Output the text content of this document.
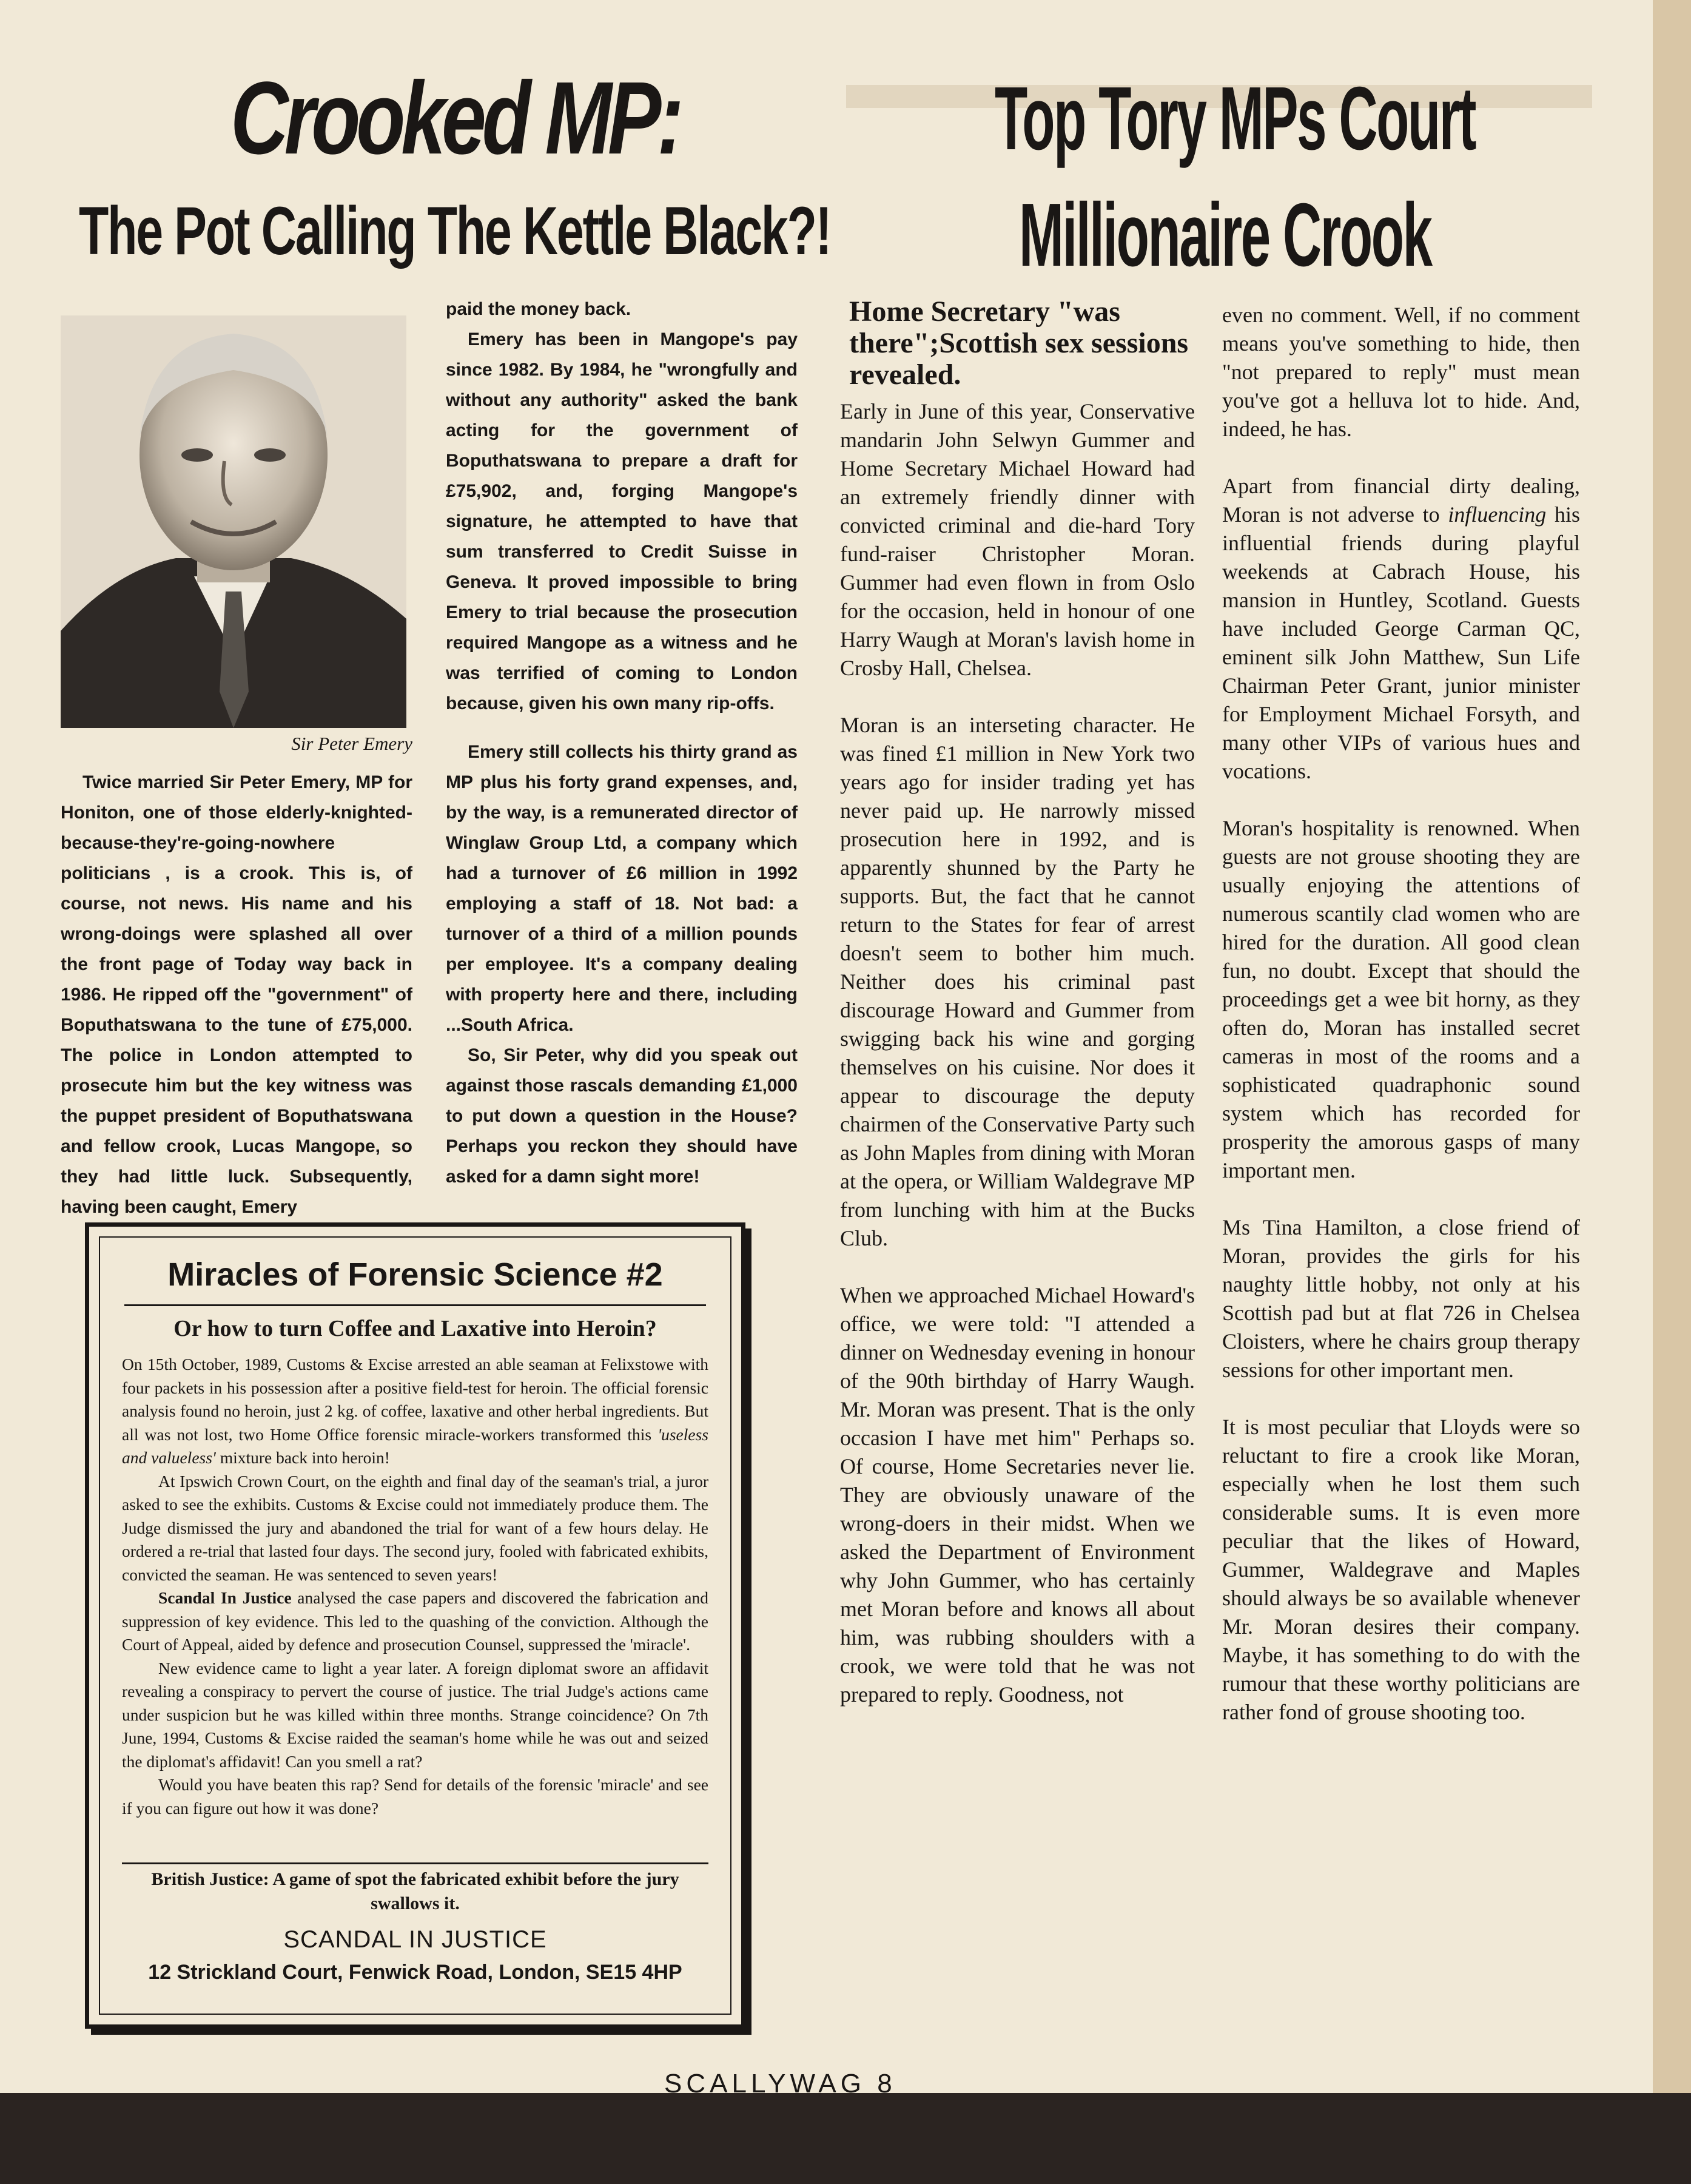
Crooked MP:
The Pot Calling The Kettle Black?!
Sir Peter Emery

Twice married Sir Peter Emery, MP for Honiton, one of those elderly-knighted-because-they're-going-nowhere politicians , is a crook. This is, of course, not news. His name and his wrong-doings were splashed all over the front page of Today way back in 1986. He ripped off the "government" of Boputhatswana to the tune of £75,000. The police in London attempted to prosecute him but the key witness was the puppet president of Boputhatswana and fellow crook, Lucas Mangope, so they had little luck. Subsequently, having been caught, Emery

paid the money back.

Emery has been in Mangope's pay since 1982. By 1984, he "wrongfully and without any authority" asked the bank acting for the government of Boputhatswana to prepare a draft for £75,902, and, forging Mangope's signature, he attempted to have that sum transferred to Credit Suisse in Geneva. It proved impossible to bring Emery to trial because the prosecution required Mangope as a witness and he was terrified of coming to London because, given his own many rip-offs.

Emery still collects his thirty grand as MP plus his forty grand expenses, and, by the way, is a remunerated director of Winglaw Group Ltd, a company which had a turnover of £6 million in 1992 employing a staff of 18. Not bad: a turnover of a third of a million pounds per employee. It's a company dealing with property here and there, including ...South Africa.

So, Sir Peter, why did you speak out against those rascals demanding £1,000 to put down a question in the House? Perhaps you reckon they should have asked for a damn sight more!

Miracles of Forensic Science #2
Or how to turn Coffee and Laxative into Heroin?

On 15th October, 1989, Customs & Excise arrested an able seaman at Felixstowe with four packets in his possession after a positive field-test for heroin. The official forensic analysis found no heroin, just 2 kg. of coffee, laxative and other herbal ingredients. But all was not lost, two Home Office forensic miracle-workers transformed this 'useless and valueless' mixture back into heroin!

At Ipswich Crown Court, on the eighth and final day of the seaman's trial, a juror asked to see the exhibits. Customs & Excise could not immediately produce them. The Judge dismissed the jury and abandoned the trial for want of a few hours delay. He ordered a re-trial that lasted four days. The second jury, fooled with fabricated exhibits, convicted the seaman. He was sentenced to seven years!

Scandal In Justice analysed the case papers and discovered the fabrication and suppression of key evidence. This led to the quashing of the conviction. Although the Court of Appeal, aided by defence and prosecution Counsel, suppressed the 'miracle'.

New evidence came to light a year later. A foreign diplomat swore an affidavit revealing a conspiracy to pervert the course of justice. The trial Judge's actions came under suspicion but he was killed within three months. Strange coincidence? On 7th June, 1994, Customs & Excise raided the seaman's home while he was out and seized the diplomat's affidavit! Can you smell a rat?

Would you have beaten this rap? Send for details of the forensic 'miracle' and see if you can figure out how it was done?

British Justice: A game of spot the fabricated exhibit before the jury swallows it.
SCANDAL IN JUSTICE
12 Strickland Court, Fenwick Road, London, SE15 4HP
Top Tory MPs Court
Millionaire Crook
Home Secretary "was there";Scottish sex sessions revealed.

Early in June of this year, Conservative mandarin John Selwyn Gummer and Home Secretary Michael Howard had an extremely friendly dinner with convicted criminal and die-hard Tory fund-raiser Christopher Moran. Gummer had even flown in from Oslo for the occasion, held in honour of one Harry Waugh at Moran's lavish home in Crosby Hall, Chelsea.

Moran is an interseting character. He was fined £1 million in New York two years ago for insider trading yet has never paid up. He narrowly missed prosecution here in 1992, and is apparently shunned by the Party he supports. But, the fact that he cannot return to the States for fear of arrest doesn't seem to bother him much. Neither does his criminal past discourage Howard and Gummer from swigging back his wine and gorging themselves on his cuisine. Nor does it appear to discourage the deputy chairmen of the Conservative Party such as John Maples from dining with Moran at the opera, or William Waldegrave MP from lunching with him at the Bucks Club.

When we approached Michael Howard's office, we were told: "I attended a dinner on Wednesday evening in honour of the 90th birthday of Harry Waugh. Mr. Moran was present. That is the only occasion I have met him" Perhaps so. Of course, Home Secretaries never lie. They are obviously unaware of the wrong-doers in their midst. When we asked the Department of Environment why John Gummer, who has certainly met Moran before and knows all about him, was rubbing shoulders with a crook, we were told that he was not prepared to reply. Goodness, not

even no comment. Well, if no comment means you've something to hide, then "not prepared to reply" must mean you've got a helluva lot to hide. And, indeed, he has.

Apart from financial dirty dealing, Moran is not adverse to influencing his influential friends during playful weekends at Cabrach House, his mansion in Huntley, Scotland. Guests have included George Carman QC, eminent silk John Matthew, Sun Life Chairman Peter Grant, junior minister for Employment Michael Forsyth, and many other VIPs of various hues and vocations.

Moran's hospitality is renowned. When guests are not grouse shooting they are usually enjoying the attentions of numerous scantily clad women who are hired for the duration. All good clean fun, no doubt. Except that should the proceedings get a wee bit horny, as they often do, Moran has installed secret cameras in most of the rooms and a sophisticated quadraphonic sound system which has recorded for prosperity the amorous gasps of many important men.

Ms Tina Hamilton, a close friend of Moran, provides the girls for his naughty little hobby, not only at his Scottish pad but at flat 726 in Chelsea Cloisters, where he chairs group therapy sessions for other important men.

It is most peculiar that Lloyds were so reluctant to fire a crook like Moran, especially when he lost them such considerable sums. It is even more peculiar that the likes of Howard, Gummer, Waldegrave and Maples should always be so available whenever Mr. Moran desires their company. Maybe, it has something to do with the rumour that these worthy politicians are rather fond of grouse shooting too.

SCALLYWAG 8
